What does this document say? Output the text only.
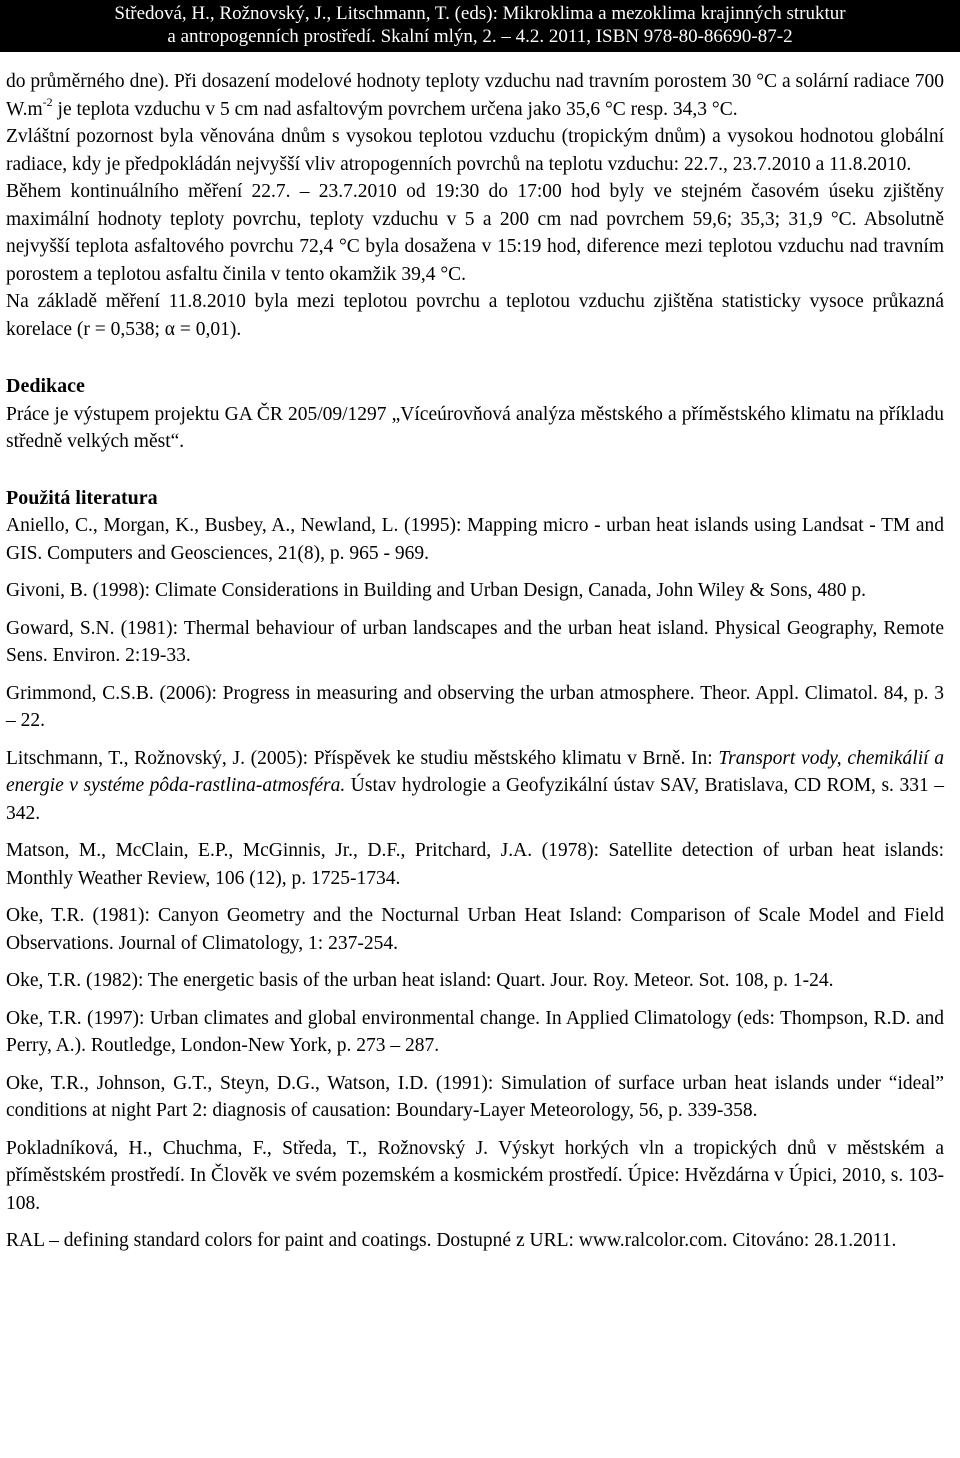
Středová, H., Rožnovský, J., Litschmann, T. (eds): Mikroklima a mezoklima krajinných struktur
a antropogenních prostředí. Skalní mlýn, 2. – 4.2. 2011, ISBN 978-80-86690-87-2

do průměrného dne). Při dosazení modelové hodnoty teploty vzduchu nad travním porostem 30 °C a solární radiace 700 $W.m^{-2}$ je teplota vzduchu v 5 cm nad asfaltovým povrchem určena jako 35,6 °C resp. 34,3 °C.

Zvláštní pozornost byla věnována dnům s vysokou teplotou vzduchu (tropickým dnům) a vysokou hodnotou globální radiace, kdy je předpokládán nejvyšší vliv atropogenních povrchů na teplotu vzduchu: 22.7., 23.7.2010 a 11.8.2010.

Během kontinuálního měření 22.7. – 23.7.2010 od 19:30 do 17:00 hod byly ve stejném časovém úseku zjištěny maximální hodnoty teploty povrchu, teploty vzduchu v 5 a 200 cm nad povrchem 59,6; 35,3; 31,9 °C. Absolutně nejvyšší teplota asfaltového povrchu 72,4 °C byla dosažena v 15:19 hod, diference mezi teplotou vzduchu nad travním porostem a teplotou asfaltu činila v tento okamžik 39,4 °C.

Na základě měření 11.8.2010 byla mezi teplotou povrchu a teplotou vzduchu zjištěna statisticky vysoce průkazná korelace (r = 0,538; α = 0,01).

Dedikace

Práce je výstupem projektu GA ČR 205/09/1297 „Víceúrovňová analýza městského a příměstského klimatu na příkladu středně velkých měst“.

Použitá literatura

Aniello, C., Morgan, K., Busbey, A., Newland, L. (1995): Mapping micro - urban heat islands using Landsat - TM and GIS. Computers and Geosciences, 21(8), p. 965 - 969.

Givoni, B. (1998): Climate Considerations in Building and Urban Design, Canada, John Wiley & Sons, 480 p.

Goward, S.N. (1981): Thermal behaviour of urban landscapes and the urban heat island. Physical Geography, Remote Sens. Environ. 2:19-33.

Grimmond, C.S.B. (2006): Progress in measuring and observing the urban atmosphere. Theor. Appl. Climatol. 84, p. 3 – 22.

Litschmann, T., Rožnovský, J. (2005): Příspěvek ke studiu městského klimatu v Brně. In: Transport vody, chemikálií a energie v systéme pôda-rastlina-atmosféra. Ústav hydrologie a Geofyzikální ústav SAV, Bratislava, CD ROM, s. 331 – 342.

Matson, M., McClain, E.P., McGinnis, Jr., D.F., Pritchard, J.A. (1978): Satellite detection of urban heat islands: Monthly Weather Review, 106 (12), p. 1725-1734.

Oke, T.R. (1981): Canyon Geometry and the Nocturnal Urban Heat Island: Comparison of Scale Model and Field Observations. Journal of Climatology, 1: 237-254.

Oke, T.R. (1982): The energetic basis of the urban heat island: Quart. Jour. Roy. Meteor. Sot. 108, p. 1-24.

Oke, T.R. (1997): Urban climates and global environmental change. In Applied Climatology (eds: Thompson, R.D. and Perry, A.). Routledge, London-New York, p. 273 – 287.

Oke, T.R., Johnson, G.T., Steyn, D.G., Watson, I.D. (1991): Simulation of surface urban heat islands under “ideal” conditions at night Part 2: diagnosis of causation: Boundary-Layer Meteorology, 56, p. 339-358.

Pokladníková, H., Chuchma, F., Středa, T., Rožnovský J. Výskyt horkých vln a tropických dnů v městském a příměstském prostředí. In Člověk ve svém pozemském a kosmickém prostředí. Úpice: Hvězdárna v Úpici, 2010, s. 103-108.

RAL – defining standard colors for paint and coatings. Dostupné z URL: www.ralcolor.com. Citováno: 28.1.2011.
